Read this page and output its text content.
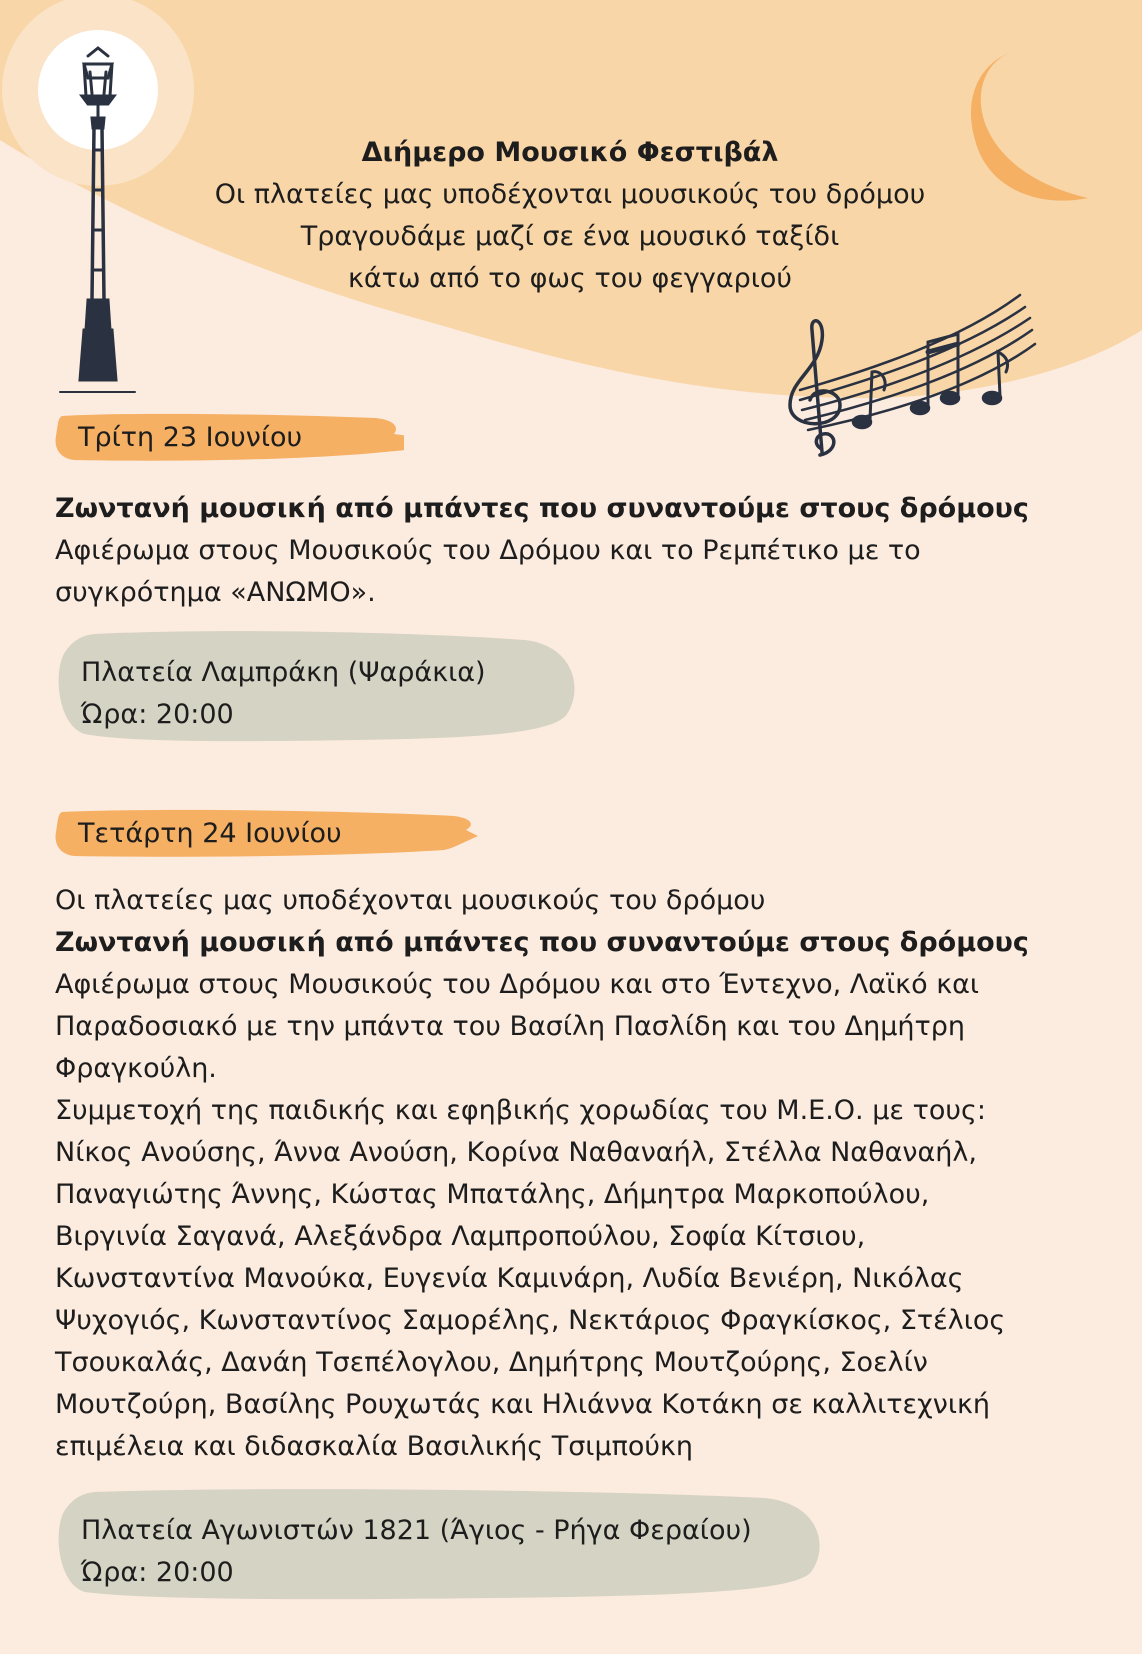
Διήμερο Μουσικό Φεστιβάλ
Οι πλατείες μας υποδέχονται μουσικούς του δρόμου
Τραγουδάμε μαζί σε ένα μουσικό ταξίδι
κάτω από το φως του φεγγαριού
Τρίτη 23 Ιουνίου

Ζωντανή μουσική από μπάντες που συναντούμε στους δρόμους

Αφιέρωμα στους Μουσικούς του Δρόμου και το Ρεμπέτικο με το

συγκρότημα «ΑΝΩΜΟ».

Πλατεία Λαμπράκη (Ψαράκια)
Ώρα: 20:00
Τετάρτη 24 Ιουνίου

Οι πλατείες μας υποδέχονται μουσικούς του δρόμου

Ζωντανή μουσική από μπάντες που συναντούμε στους δρόμους

Αφιέρωμα στους Μουσικούς του Δρόμου και στο Έντεχνο, Λαϊκό και

Παραδοσιακό με την μπάντα του Βασίλη Πασλίδη και του Δημήτρη

Φραγκούλη.

Συμμετοχή της παιδικής και εφηβικής χορωδίας του Μ.Ε.Ο. με τους:

Νίκος Ανούσης, Άννα Ανούση, Κορίνα Ναθαναήλ, Στέλλα Ναθαναήλ,

Παναγιώτης Άννης, Κώστας Μπατάλης, Δήμητρα Μαρκοπούλου,

Βιργινία Σαγανά, Αλεξάνδρα Λαμπροπούλου, Σοφία Κίτσιου,

Κωνσταντίνα Μανούκα, Ευγενία Καμινάρη, Λυδία Βενιέρη, Νικόλας

Ψυχογιός, Κωνσταντίνος Σαμορέλης, Νεκτάριος Φραγκίσκος, Στέλιος

Τσουκαλάς, Δανάη Τσεπέλογλου, Δημήτρης Μουτζούρης, Σοελίν

Μουτζούρη, Βασίλης Ρουχωτάς και Ηλιάννα Κοτάκη σε καλλιτεχνική

επιμέλεια και διδασκαλία Βασιλικής Τσιμπούκη

Πλατεία Αγωνιστών 1821 (Άγιος - Ρήγα Φεραίου)
Ώρα: 20:00
